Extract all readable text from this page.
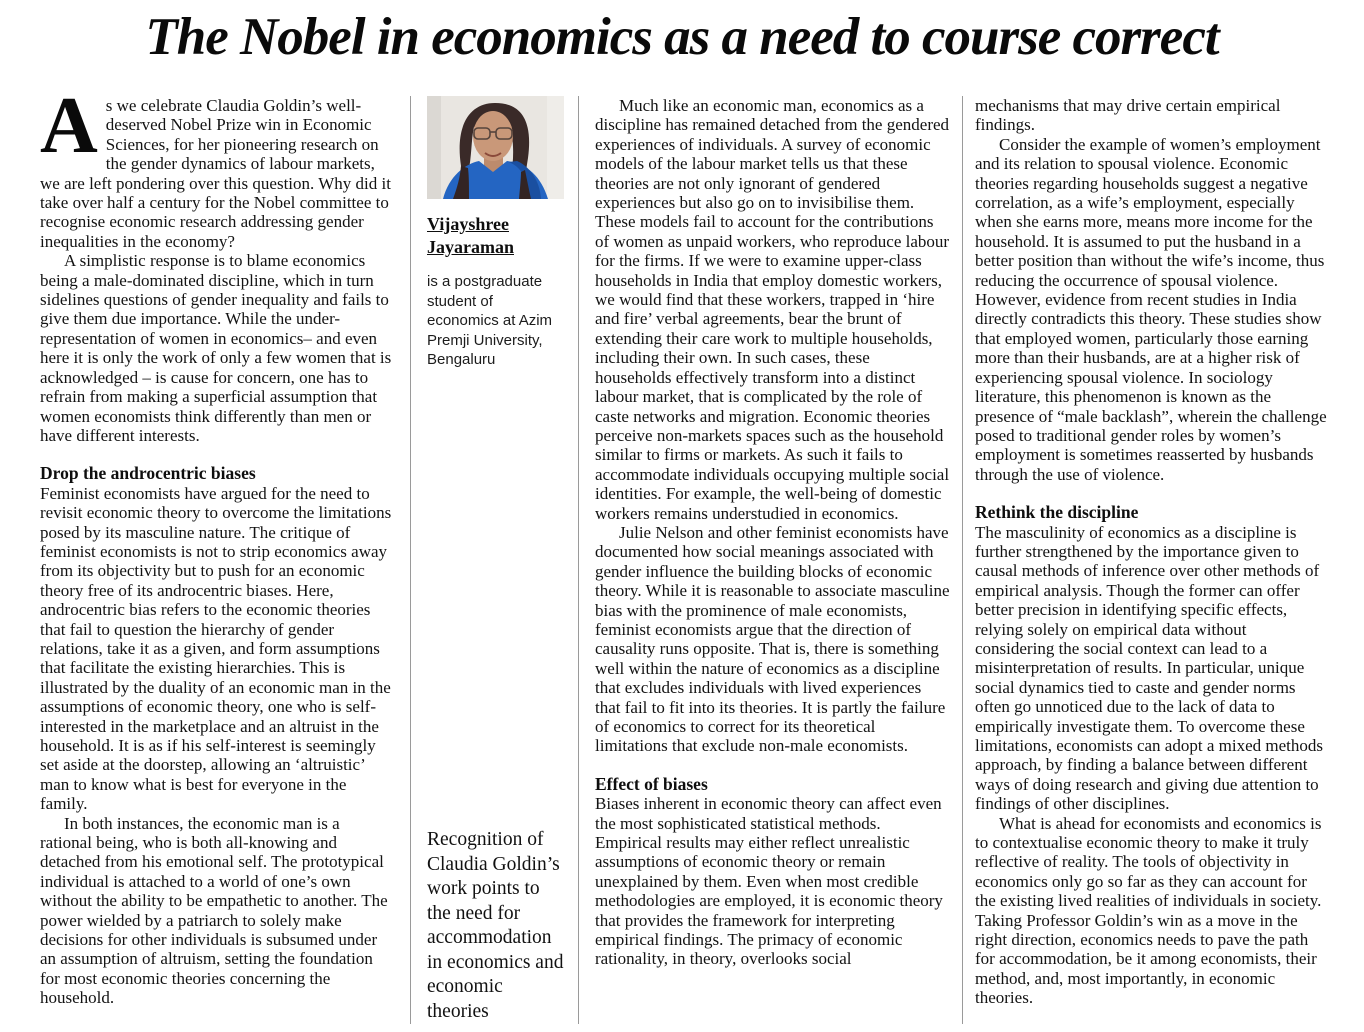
The Nobel in economics as a need to course correct

As we celebrate Claudia Goldin’s well-deserved Nobel Prize win in Economic Sciences, for her pioneering research on the gender dynamics of labour markets, we are left pondering over this question. Why did it take over half a century for the Nobel committee to recognise economic research addressing gender inequalities in the economy?

A simplistic response is to blame economics being a male-dominated discipline, which in turn sidelines questions of gender inequality and fails to give them due importance. While the under-representation of women in economics– and even here it is only the work of only a few women that is acknowledged – is cause for concern, one has to refrain from making a superficial assumption that women economists think differently than men or have different interests.

Drop the androcentric biases

Feminist economists have argued for the need to revisit economic theory to overcome the limitations posed by its masculine nature. The critique of feminist economists is not to strip economics away from its objectivity but to push for an economic theory free of its androcentric biases. Here, androcentric bias refers to the economic theories that fail to question the hierarchy of gender relations, take it as a given, and form assumptions that facilitate the existing hierarchies. This is illustrated by the duality of an economic man in the assumptions of economic theory, one who is self-interested in the marketplace and an altruist in the household. It is as if his self-interest is seemingly set aside at the doorstep, allowing an ‘altruistic’ man to know what is best for everyone in the family.

In both instances, the economic man is a rational being, who is both all-knowing and detached from his emotional self. The prototypical individual is attached to a world of one’s own without the ability to be empathetic to another. The power wielded by a patriarch to solely make decisions for other individuals is subsumed under an assumption of altruism, setting the foundation for most economic theories concerning the household.

Vijayshree Jayaraman
is a postgraduate student of economics at Azim Premji University, Bengaluru
Recognition of Claudia Goldin’s work points to the need for accommodation in economics and economic theories

Much like an economic man, economics as a discipline has remained detached from the gendered experiences of individuals. A survey of economic models of the labour market tells us that these theories are not only ignorant of gendered experiences but also go on to invisibilise them. These models fail to account for the contributions of women as unpaid workers, who reproduce labour for the firms. If we were to examine upper-class households in India that employ domestic workers, we would find that these workers, trapped in ‘hire and fire’ verbal agreements, bear the brunt of extending their care work to multiple households, including their own. In such cases, these households effectively transform into a distinct labour market, that is complicated by the role of caste networks and migration. Economic theories perceive non-markets spaces such as the household similar to firms or markets. As such it fails to accommodate individuals occupying multiple social identities. For example, the well-being of domestic workers remains understudied in economics.

Julie Nelson and other feminist economists have documented how social meanings associated with gender influence the building blocks of economic theory. While it is reasonable to associate masculine bias with the prominence of male economists, feminist economists argue that the direction of causality runs opposite. That is, there is something well within the nature of economics as a discipline that excludes individuals with lived experiences that fail to fit into its theories. It is partly the failure of economics to correct for its theoretical limitations that exclude non-male economists.

Effect of biases

Biases inherent in economic theory can affect even the most sophisticated statistical methods. Empirical results may either reflect unrealistic assumptions of economic theory or remain unexplained by them. Even when most credible methodologies are employed, it is economic theory that provides the framework for interpreting empirical findings. The primacy of economic rationality, in theory, overlooks social

mechanisms that may drive certain empirical findings.

Consider the example of women’s employment and its relation to spousal violence. Economic theories regarding households suggest a negative correlation, as a wife’s employment, especially when she earns more, means more income for the household. It is assumed to put the husband in a better position than without the wife’s income, thus reducing the occurrence of spousal violence. However, evidence from recent studies in India directly contradicts this theory. These studies show that employed women, particularly those earning more than their husbands, are at a higher risk of experiencing spousal violence. In sociology literature, this phenomenon is known as the presence of “male backlash”, wherein the challenge posed to traditional gender roles by women’s employment is sometimes reasserted by husbands through the use of violence.

Rethink the discipline

The masculinity of economics as a discipline is further strengthened by the importance given to causal methods of inference over other methods of empirical analysis. Though the former can offer better precision in identifying specific effects, relying solely on empirical data without considering the social context can lead to a misinterpretation of results. In particular, unique social dynamics tied to caste and gender norms often go unnoticed due to the lack of data to empirically investigate them. To overcome these limitations, economists can adopt a mixed methods approach, by finding a balance between different ways of doing research and giving due attention to findings of other disciplines.

What is ahead for economists and economics is to contextualise economic theory to make it truly reflective of reality. The tools of objectivity in economics only go so far as they can account for the existing lived realities of individuals in society. Taking Professor Goldin’s win as a move in the right direction, economics needs to pave the path for accommodation, be it among economists, their method, and, most importantly, in economic theories.
